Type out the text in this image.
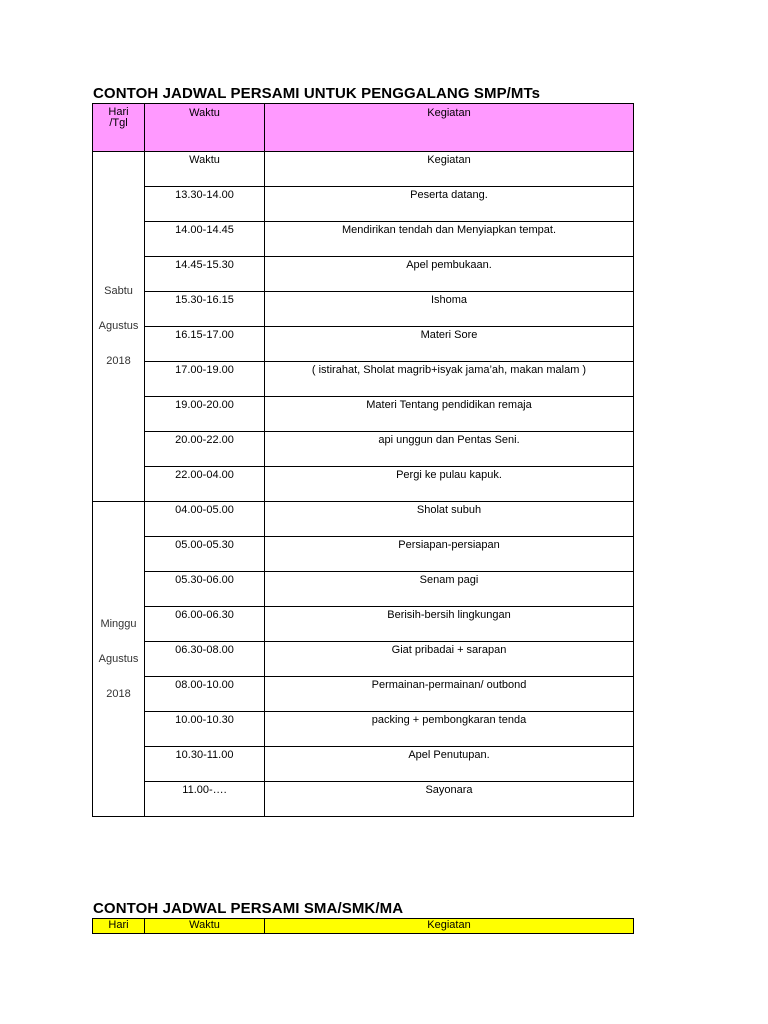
CONTOH JADWAL PERSAMI UNTUK PENGGALANG SMP/MTs
Hari
/Tgl	Waktu	Kegiatan

Sabtu
Agustus
2018	Waktu	Kegiatan
	13.30-14.00	Peserta datang.
	14.00-14.45	Mendirikan tendah dan Menyiapkan tempat.
	14.45-15.30	Apel pembukaan.
	15.30-16.15	Ishoma
	16.15-17.00	Materi Sore
	17.00-19.00	( istirahat, Sholat magrib+isyak jama’ah, makan malam )
	19.00-20.00	Materi Tentang pendidikan remaja
	20.00-22.00	api unggun dan Pentas Seni.
	22.00-04.00	Pergi ke pulau kapuk.

Minggu
Agustus
2018	04.00-05.00	Sholat subuh
	05.00-05.30	Persiapan-persiapan
	05.30-06.00	Senam pagi
	06.00-06.30	Berisih-bersih lingkungan
	06.30-08.00	Giat pribadai + sarapan
	08.00-10.00	Permainan-permainan/ outbond
	10.00-10.30	packing + pembongkaran tenda
	10.30-11.00	Apel Penutupan.
	11.00-….	Sayonara
CONTOH JADWAL PERSAMI SMA/SMK/MA
Hari	Waktu	Kegiatan
